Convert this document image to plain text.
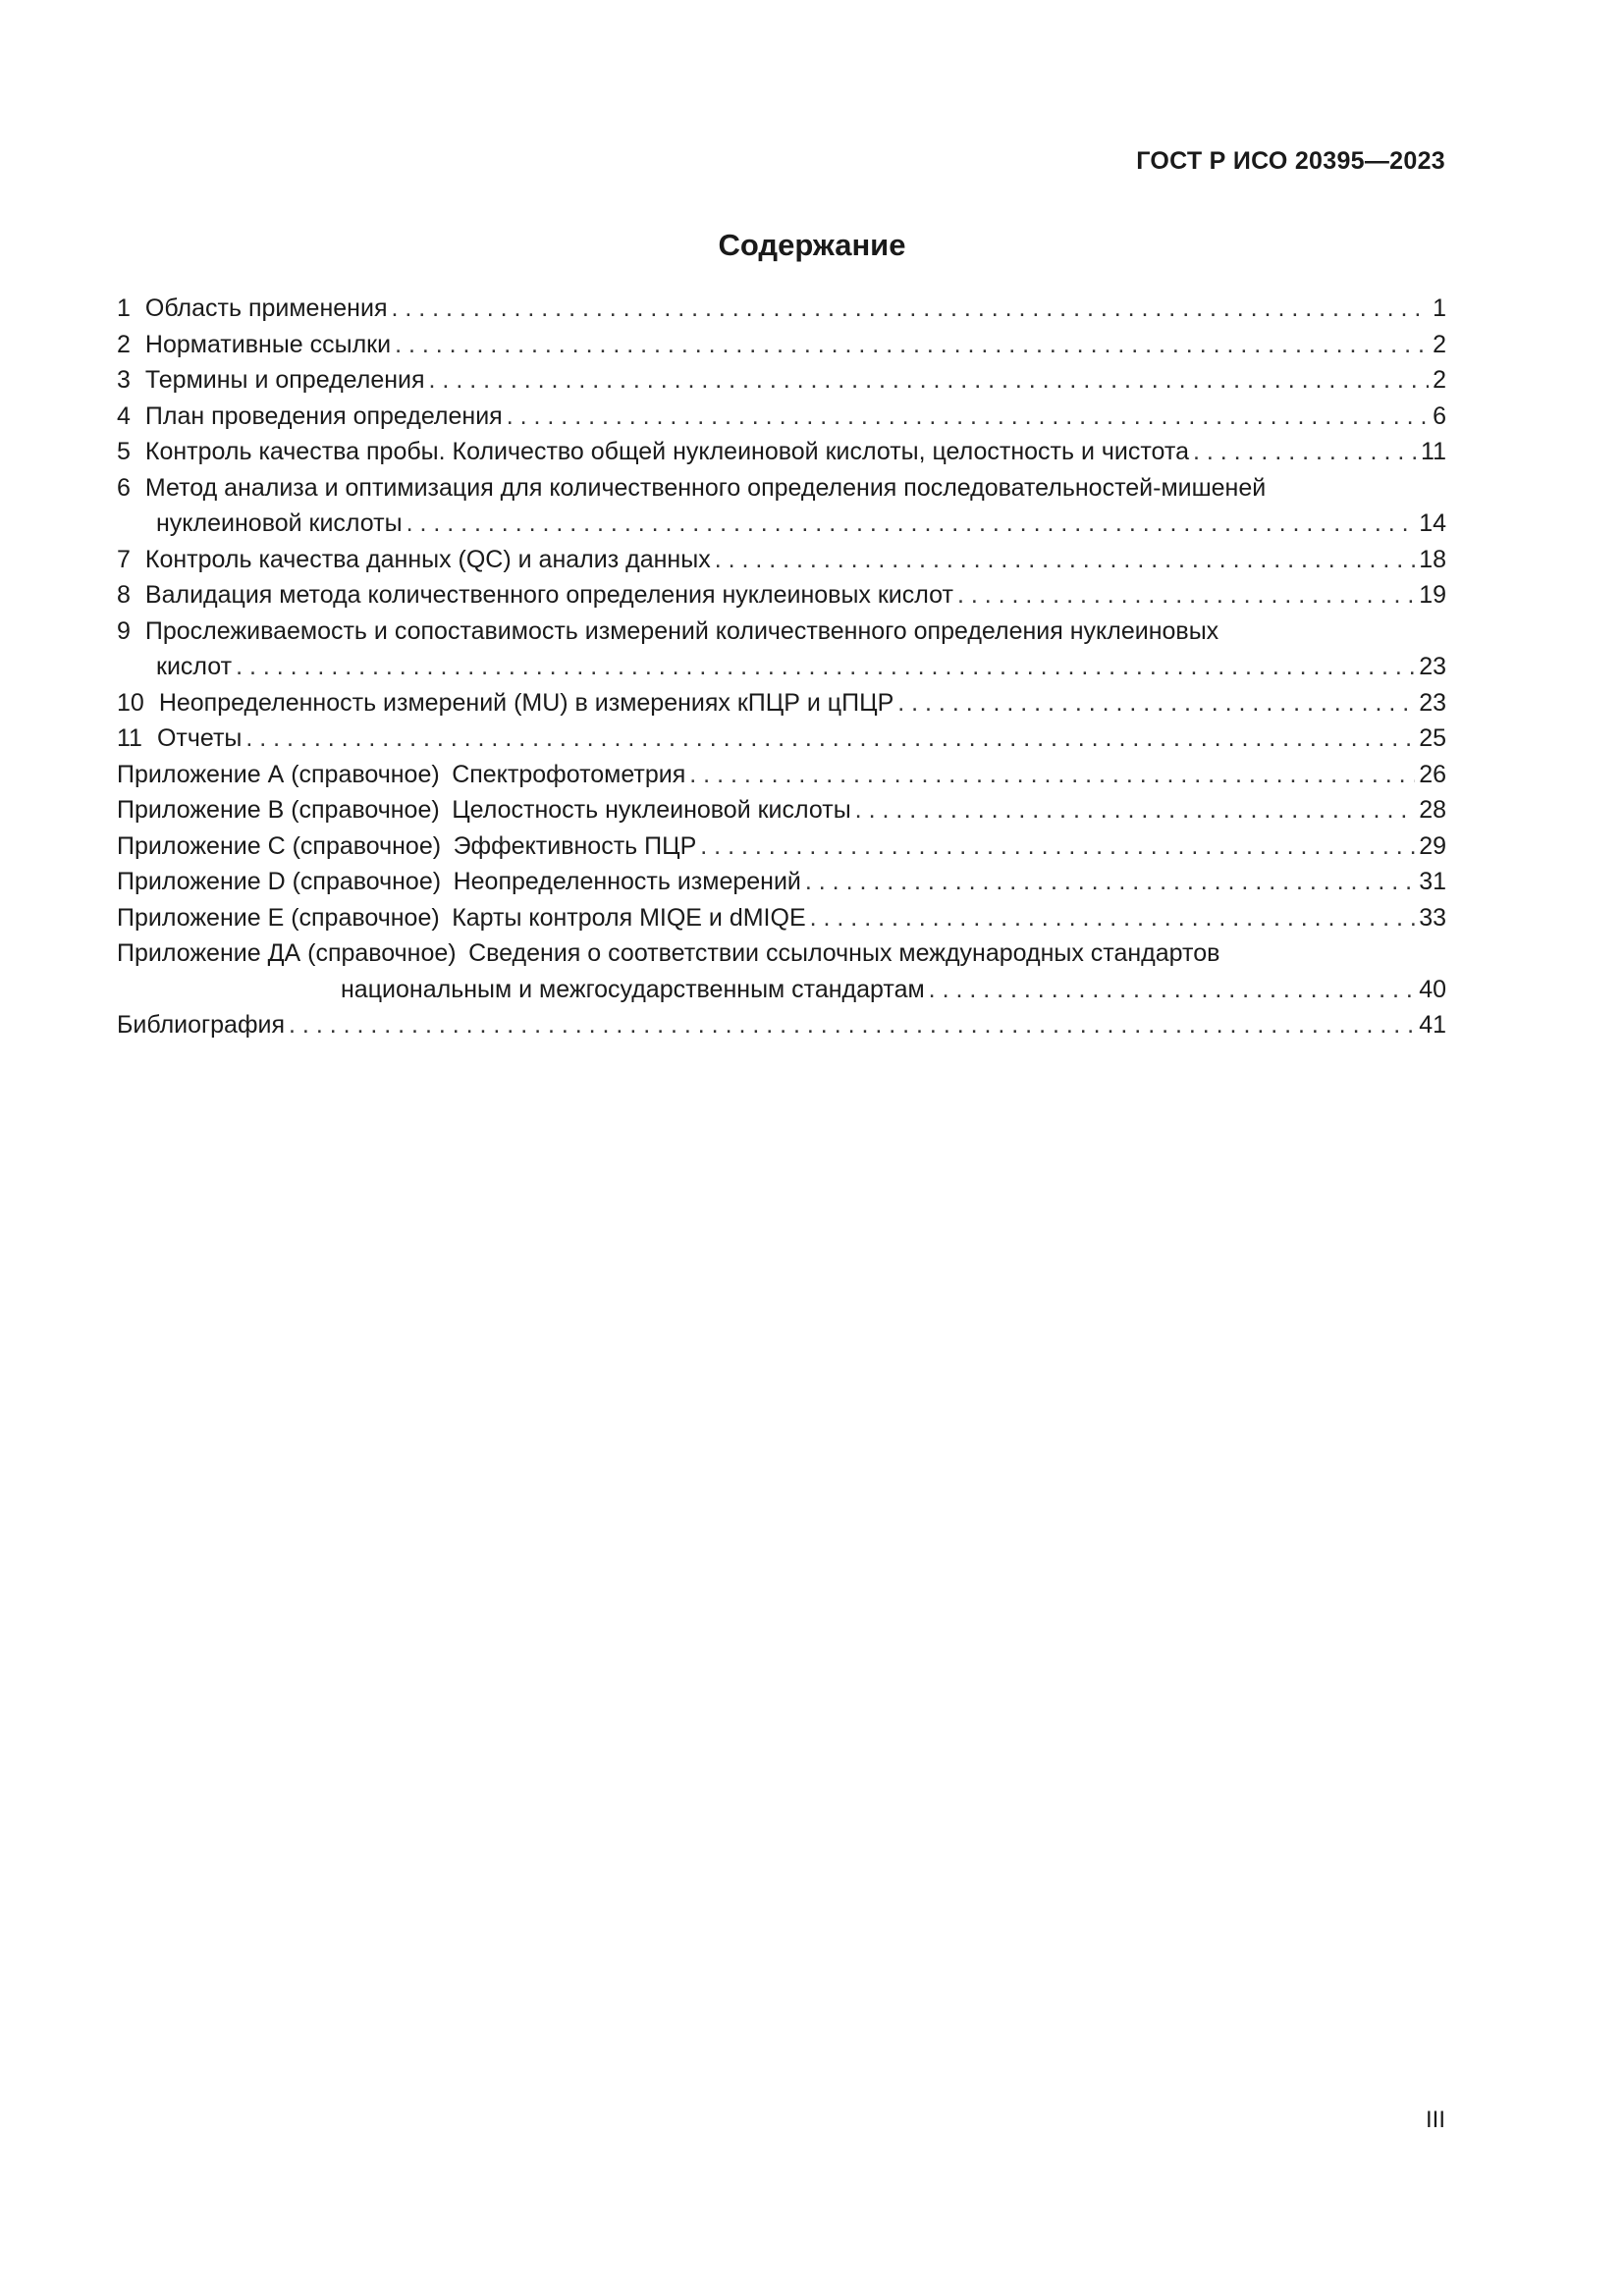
ГОСТ Р ИСО 20395—2023
Содержание
1 Область применения . . .	1
2 Нормативные ссылки . . .	2
3 Термины и определения . . .	2
4 План проведения определения . . .	6
5 Контроль качества пробы. Количество общей нуклеиновой кислоты, целостность и чистота . . .	11
6 Метод анализа и оптимизация для количественного определения последовательностей-мишеней
нуклеиновой кислоты . . .	14
7 Контроль качества данных (QC) и анализ данных . . .	18
8 Валидация метода количественного определения нуклеиновых кислот . . .	19
9 Прослеживаемость и сопоставимость измерений количественного определения нуклеиновых
кислот . . .	23
10 Неопределенность измерений (MU) в измерениях кПЦР и цПЦР . . .	23
11 Отчеты . . .	25
Приложение А (справочное) Спектрофотометрия . . .	26
Приложение В (справочное) Целостность нуклеиновой кислоты . . .	28
Приложение С (справочное) Эффективность ПЦР . . .	29
Приложение D (справочное) Неопределенность измерений . . .	31
Приложение Е (справочное) Карты контроля MIQE и dMIQE . . .	33
Приложение ДА (справочное) Сведения о соответствии ссылочных международных стандартов
национальным и межгосударственным стандартам . . .	40
Библиография . . .	41
III
